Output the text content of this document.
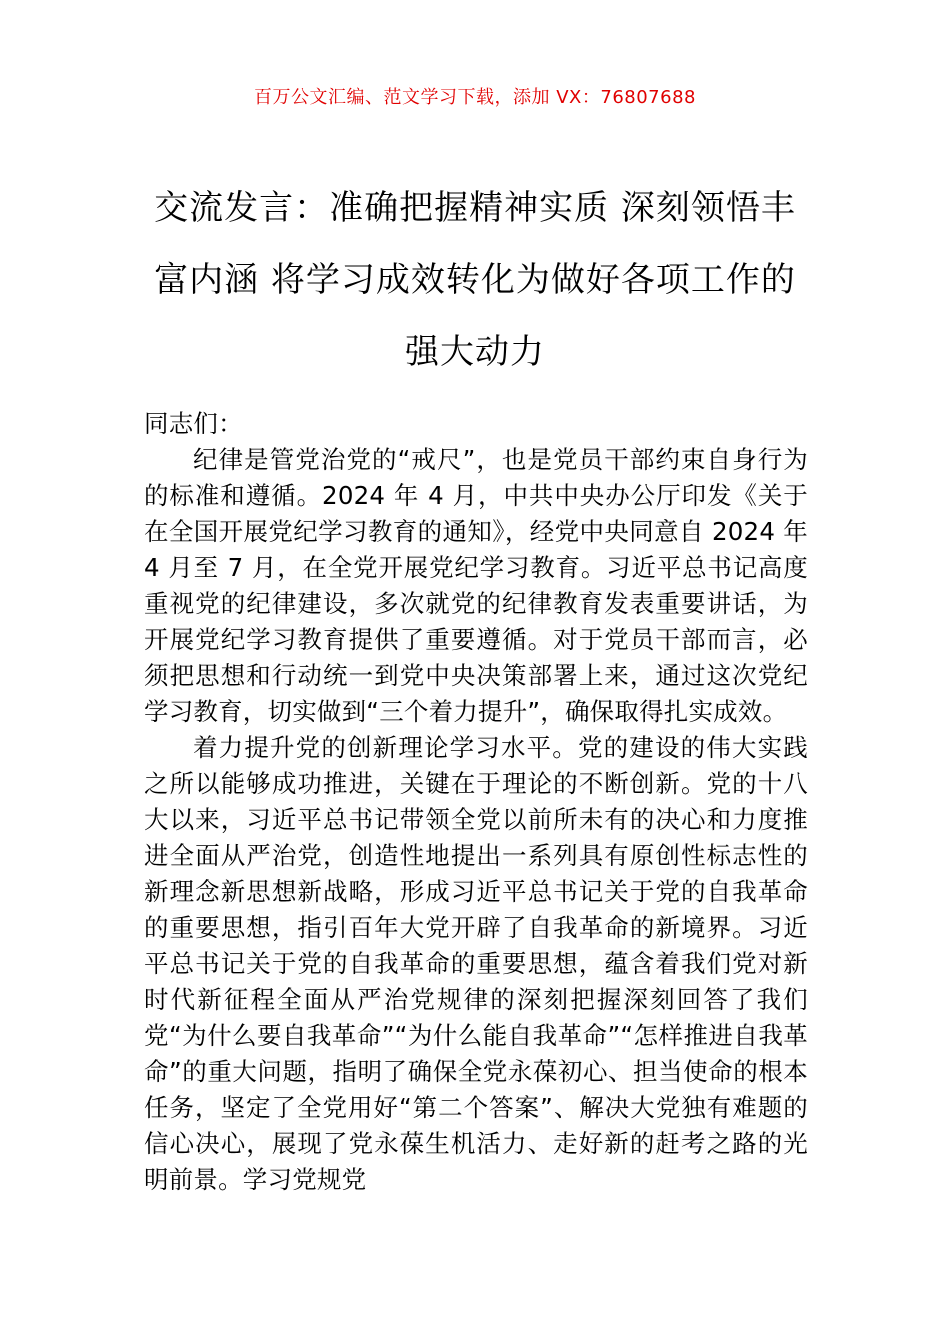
百万公文汇编、范文学习下载，添加 VX：76807688
交流发言：准确把握精神实质 深刻领悟丰
富内涵 将学习成效转化为做好各项工作的
强大动力

同志们：

纪律是管党治党的“戒尺”，也是党员干部约束自身行为的标准和遵循。2024 年 4 月，中共中央办公厅印发《关于在全国开展党纪学习教育的通知》，经党中央同意自 2024 年 4 月至 7 月，在全党开展党纪学习教育。习近平总书记高度重视党的纪律建设，多次就党的纪律教育发表重要讲话，为开展党纪学习教育提供了重要遵循。对于党员干部而言，必须把思想和行动统一到党中央决策部署上来，通过这次党纪学习教育，切实做到“三个着力提升”，确保取得扎实成效。

着力提升党的创新理论学习水平。党的建设的伟大实践之所以能够成功推进，关键在于理论的不断创新。党的十八大以来，习近平总书记带领全党以前所未有的决心和力度推进全面从严治党，创造性地提出一系列具有原创性标志性的新理念新思想新战略，形成习近平总书记关于党的自我革命的重要思想，指引百年大党开辟了自我革命的新境界。习近平总书记关于党的自我革命的重要思想，蕴含着我们党对新时代新征程全面从严治党规律的深刻把握深刻回答了我们党“为什么要自我革命”“为什么能自我革命”“怎样推进自我革命”的重大问题，指明了确保全党永葆初心、担当使命的根本任务，坚定了全党用好“第二个答案”、解决大党独有难题的信心决心，展现了党永葆生机活力、走好新的赶考之路的光明前景。学习党规党
